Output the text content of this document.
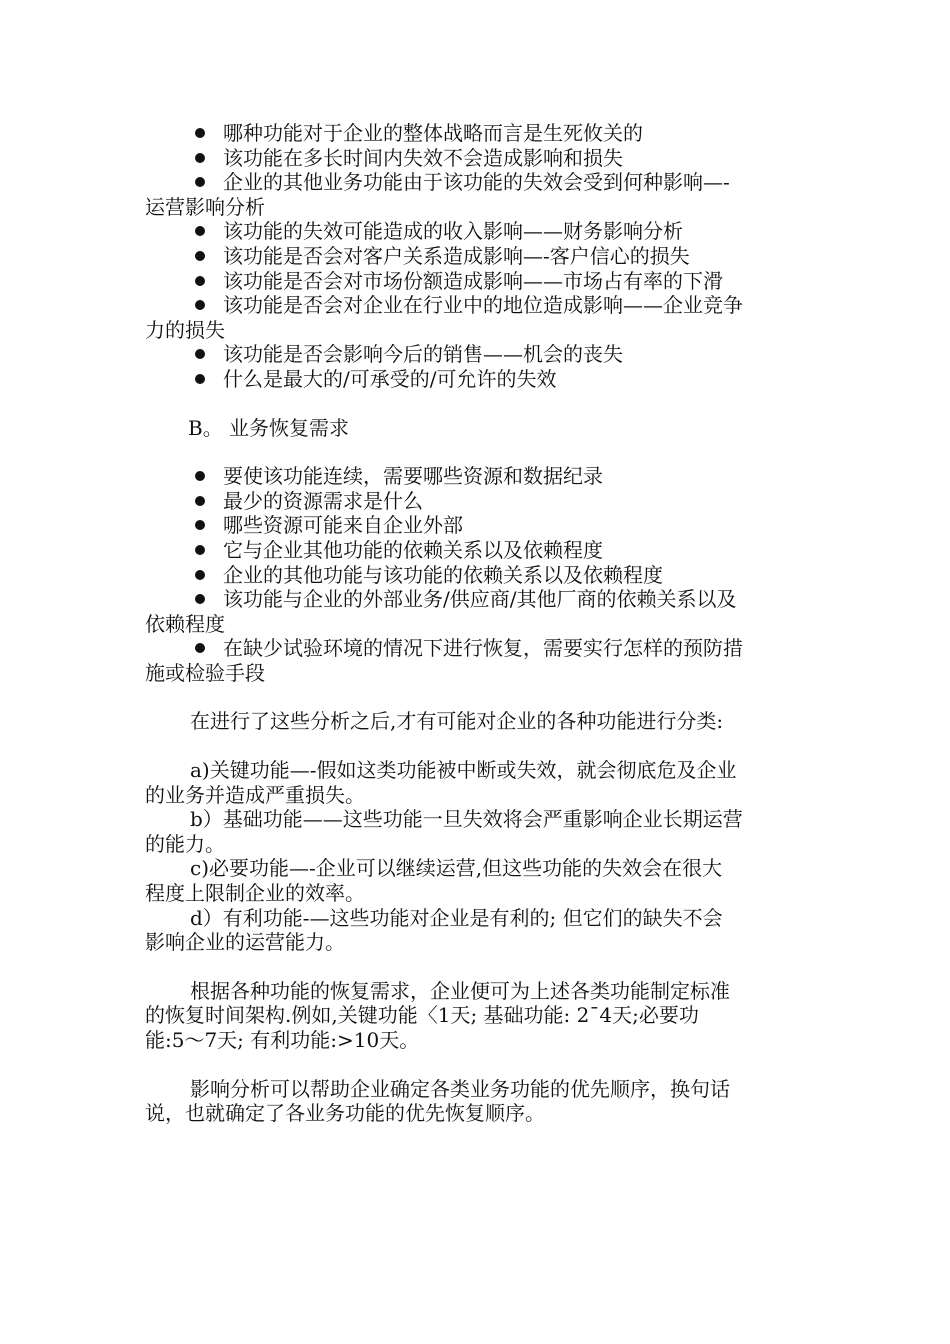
哪种功能对于企业的整体战略而言是生死攸关的
该功能在多长时间内失效不会造成影响和损失
企业的其他业务功能由于该功能的失效会受到何种影响—-
运营影响分析
该功能的失效可能造成的收入影响——财务影响分析
该功能是否会对客户关系造成影响—-客户信心的损失
该功能是否会对市场份额造成影响——市场占有率的下滑
该功能是否会对企业在行业中的地位造成影响——企业竞争
力的损失
该功能是否会影响今后的销售——机会的丧失
什么是最大的/可承受的/可允许的失效
B。 业务恢复需求
要使该功能连续，需要哪些资源和数据纪录
最少的资源需求是什么
哪些资源可能来自企业外部
它与企业其他功能的依赖关系以及依赖程度
企业的其他功能与该功能的依赖关系以及依赖程度
该功能与企业的外部业务/供应商/其他厂商的依赖关系以及
依赖程度
在缺少试验环境的情况下进行恢复，需要实行怎样的预防措
施或检验手段
在进行了这些分析之后,才有可能对企业的各种功能进行分类:
a)关键功能—-假如这类功能被中断或失效，就会彻底危及企业
的业务并造成严重损失。
b）基础功能——这些功能一旦失效将会严重影响企业长期运营
的能力。
c)必要功能—-企业可以继续运营,但这些功能的失效会在很大
程度上限制企业的效率。
d）有利功能-—这些功能对企业是有利的; 但它们的缺失不会
影响企业的运营能力。
根据各种功能的恢复需求，企业便可为上述各类功能制定标准
的恢复时间架构.例如,关键功能〈1天; 基础功能: 2¯4天;必要功
能:5～7天; 有利功能:>10天。
影响分析可以帮助企业确定各类业务功能的优先顺序，换句话
说，也就确定了各业务功能的优先恢复顺序。
